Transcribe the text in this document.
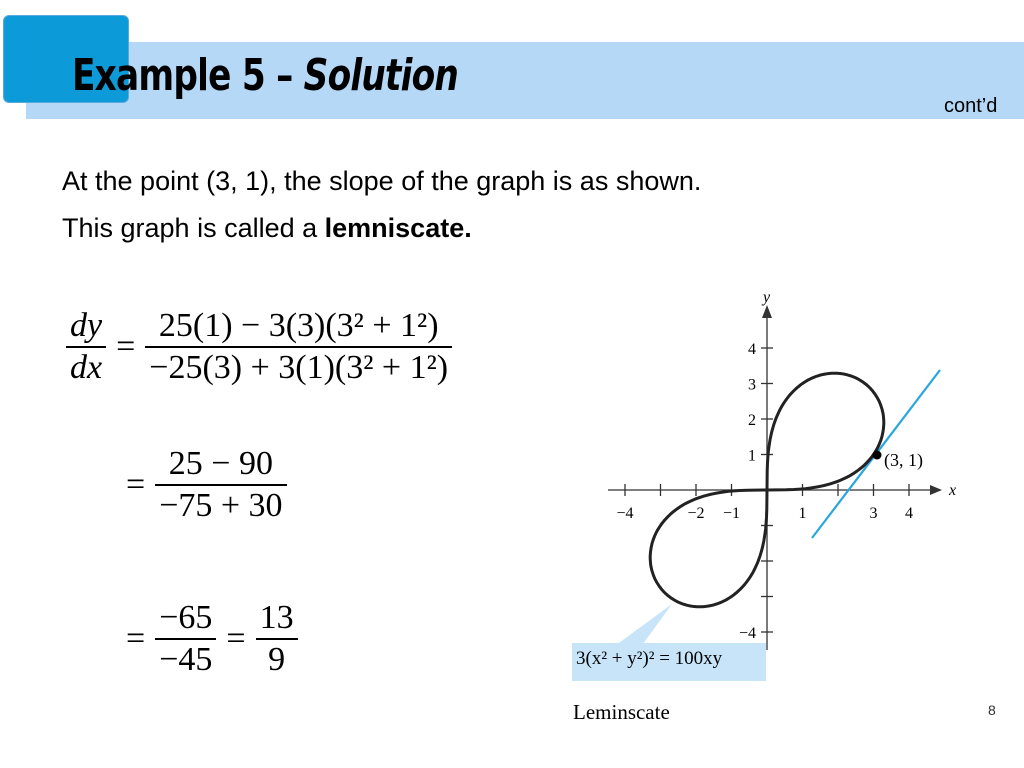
Example 5 – Solution
cont’d
At the point (3, 1), the slope of the graph is as shown.
This graph is called a lemniscate.
$\frac{dy}{dx} = \frac{\text{25(1) − 3(3)(3² + 1²)}}{\text{−25(3) + 3(1)(3² + 1²)}}$
= $\frac{25 - 90}{-75 + 30}$
= $\frac{-65}{-45} = \frac{13}{9}$
−4	−2 −1	1	3 4
4
3
2
1
−4
x
y
(3, 1)
3(x² + y²)² = 100xy
Leminscate	8
